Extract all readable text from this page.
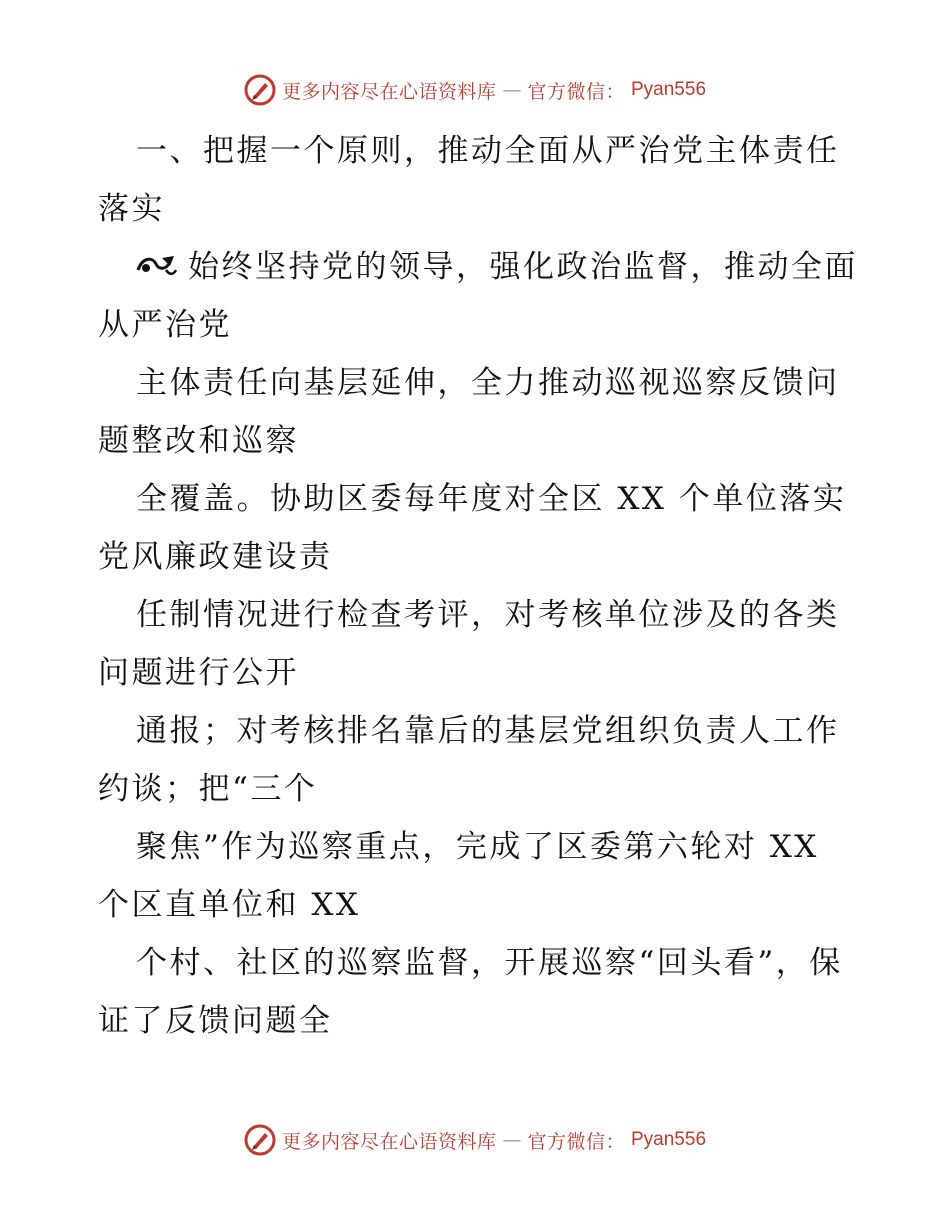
更多内容尽在心语资料库 — 官方微信： Pyan556

一、把握一个原则，推动全面从严治党主体责任落实

始终坚持党的领导，强化政治监督，推动全面从严治党

主体责任向基层延伸，全力推动巡视巡察反馈问题整改和巡察

全覆盖。协助区委每年度对全区 XX 个单位落实党风廉政建设责

任制情况进行检查考评，对考核单位涉及的各类问题进行公开

通报；对考核排名靠后的基层党组织负责人工作约谈；把“三个

聚焦”作为巡察重点，完成了区委第六轮对 XX 个区直单位和 XX

个村、社区的巡察监督，开展巡察“回头看”，保证了反馈问题全

更多内容尽在心语资料库 — 官方微信： Pyan556
